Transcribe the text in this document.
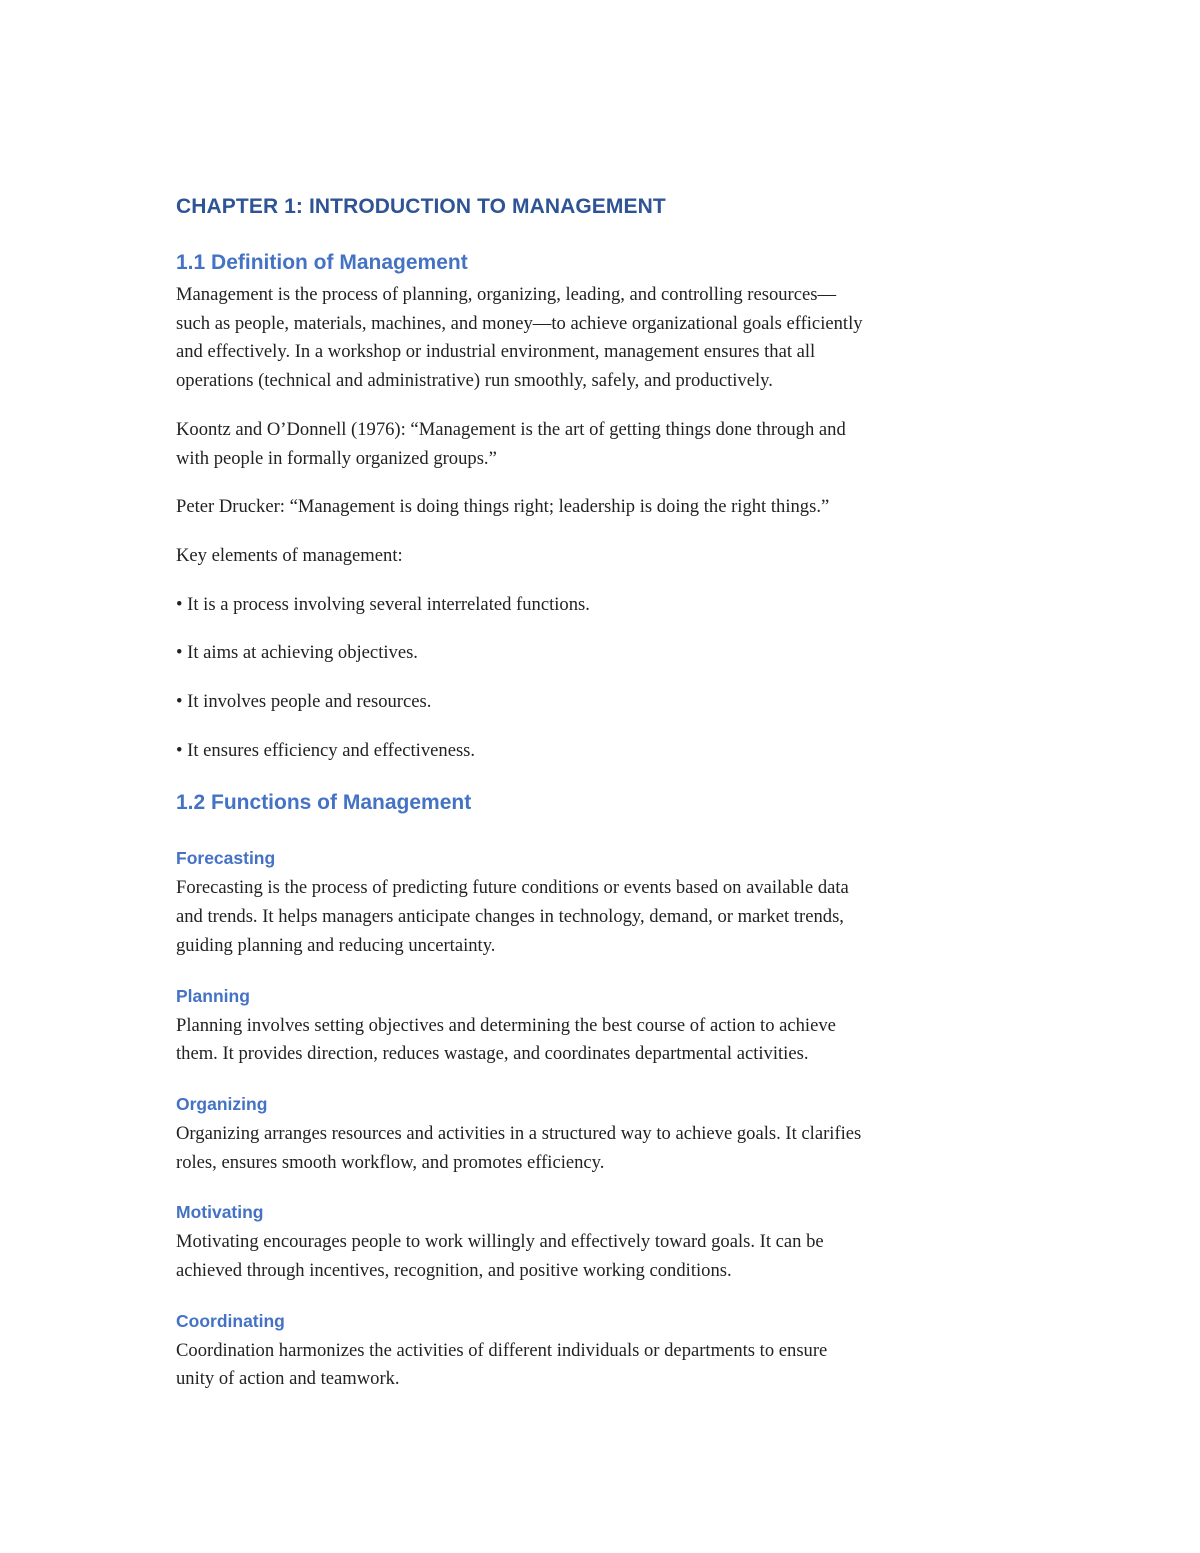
CHAPTER 1: INTRODUCTION TO MANAGEMENT
1.1 Definition of Management
Management is the process of planning, organizing, leading, and controlling resources—
such as people, materials, machines, and money—to achieve organizational goals efficiently
and effectively. In a workshop or industrial environment, management ensures that all
operations (technical and administrative) run smoothly, safely, and productively.
Koontz and O’Donnell (1976): “Management is the art of getting things done through and
with people in formally organized groups.”
Peter Drucker: “Management is doing things right; leadership is doing the right things.”
Key elements of management:
• It is a process involving several interrelated functions.
• It aims at achieving objectives.
• It involves people and resources.
• It ensures efficiency and effectiveness.
1.2 Functions of Management
Forecasting
Forecasting is the process of predicting future conditions or events based on available data
and trends. It helps managers anticipate changes in technology, demand, or market trends,
guiding planning and reducing uncertainty.
Planning
Planning involves setting objectives and determining the best course of action to achieve
them. It provides direction, reduces wastage, and coordinates departmental activities.
Organizing
Organizing arranges resources and activities in a structured way to achieve goals. It clarifies
roles, ensures smooth workflow, and promotes efficiency.
Motivating
Motivating encourages people to work willingly and effectively toward goals. It can be
achieved through incentives, recognition, and positive working conditions.
Coordinating
Coordination harmonizes the activities of different individuals or departments to ensure
unity of action and teamwork.
